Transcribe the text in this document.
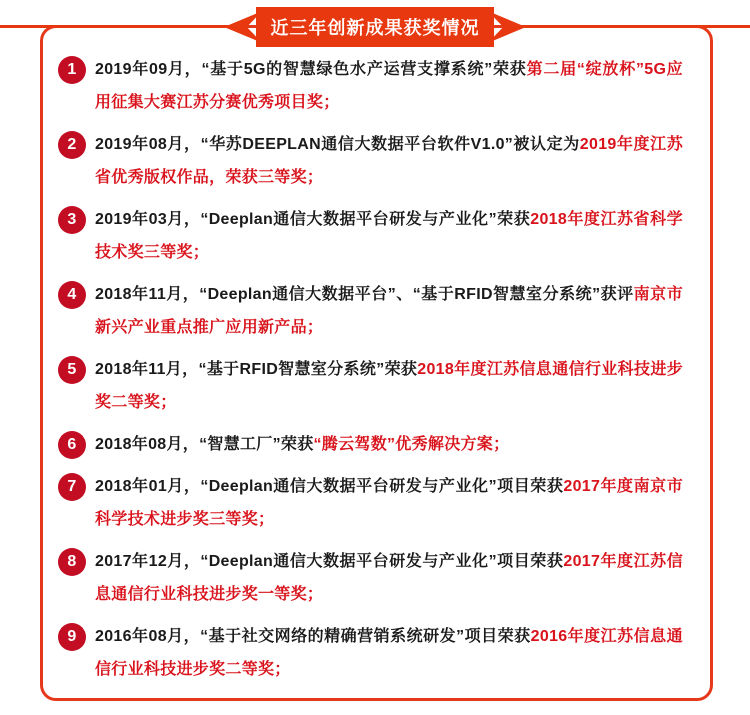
近三年创新成果获奖情况
1	2019年09月，“基于5G的智慧绿色水产运营支撑系统”荣获第二届“绽放杯”5G应用征集大赛江苏分赛优秀项目奖；
2	2019年08月，“华苏DEEPLAN通信大数据平台软件V1.0”被认定为2019年度江苏省优秀版权作品，荣获三等奖；
3	2019年03月，“Deeplan通信大数据平台研发与产业化”荣获2018年度江苏省科学技术奖三等奖；
4	2018年11月，“Deeplan通信大数据平台”、“基于RFID智慧室分系统”获评南京市新兴产业重点推广应用新产品；
5	2018年11月，“基于RFID智慧室分系统”荣获2018年度江苏信息通信行业科技进步奖二等奖；
6	2018年08月，“智慧工厂”荣获“腾云驾数”优秀解决方案；
7	2018年01月，“Deeplan通信大数据平台研发与产业化”项目荣获2017年度南京市科学技术进步奖三等奖；
8	2017年12月，“Deeplan通信大数据平台研发与产业化”项目荣获2017年度江苏信息通信行业科技进步奖一等奖；
9	2016年08月，“基于社交网络的精确营销系统研发”项目荣获2016年度江苏信息通信行业科技进步奖二等奖；
